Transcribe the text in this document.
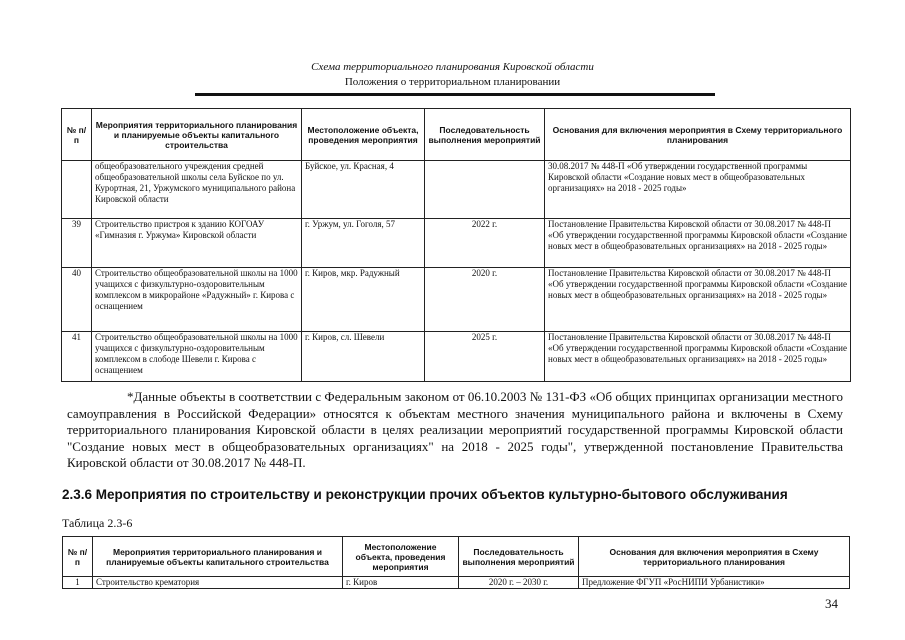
Схема территориального планирования Кировской области
Положения о территориальном планировании
№ п/п	Мероприятия территориального планирования и планируемые объекты капитального строительства	Местоположение объекта, проведения мероприятия	Последовательность выполнения мероприятий	Основания для включения мероприятия в Схему территориального планирования
	общеобразовательного учреждения средней общеобразовательной школы села Буйское по ул. Курортная, 21, Уржумского муниципального района Кировской области	Буйское, ул. Красная, 4		30.08.2017 № 448-П «Об утверждении государственной программы Кировской области «Создание новых мест в общеобразовательных организациях» на 2018 - 2025 годы»
39	Строительство пристроя к зданию КОГОАУ «Гимназия г. Уржума» Кировской области	г. Уржум, ул. Гоголя, 57	2022 г.	Постановление Правительства Кировской области от 30.08.2017 № 448-П «Об утверждении государственной программы Кировской области «Создание новых мест в общеобразовательных организациях» на 2018 - 2025 годы»
40	Строительство общеобразовательной школы на 1000 учащихся с физкультурно-оздоровительным комплексом в микрорайоне «Радужный» г. Кирова с оснащением	г. Киров, мкр. Радужный	2020 г.	Постановление Правительства Кировской области от 30.08.2017 № 448-П «Об утверждении государственной программы Кировской области «Создание новых мест в общеобразовательных организациях» на 2018 - 2025 годы»
41	Строительство общеобразовательной школы на 1000 учащихся с физкультурно-оздоровительным комплексом в слободе Шевели г. Кирова с оснащением	г. Киров, сл. Шевели	2025 г.	Постановление Правительства Кировской области от 30.08.2017 № 448-П «Об утверждении государственной программы Кировской области «Создание новых мест в общеобразовательных организациях» на 2018 - 2025 годы»
*Данные объекты в соответствии с Федеральным законом от 06.10.2003 № 131-ФЗ «Об общих принципах организации местного самоуправления в Российской Федерации» относятся к объектам местного значения муниципального района и включены в Схему территориального планирования Кировской области в целях реализации мероприятий государственной программы Кировской области "Создание новых мест в общеобразовательных организациях" на 2018 - 2025 годы", утвержденной постановление Правительства Кировской области от 30.08.2017 № 448-П.
2.3.6 Мероприятия по строительству и реконструкции прочих объектов культурно-бытового обслуживания
Таблица 2.3-6
№ п/п	Мероприятия территориального планирования и планируемые объекты капитального строительства	Местоположение объекта, проведения мероприятия	Последовательность выполнения мероприятий	Основания для включения мероприятия в Схему территориального планирования
1	Строительство крематория	г. Киров	2020 г. – 2030 г.	Предложение ФГУП «РосНИПИ Урбанистики»
34
